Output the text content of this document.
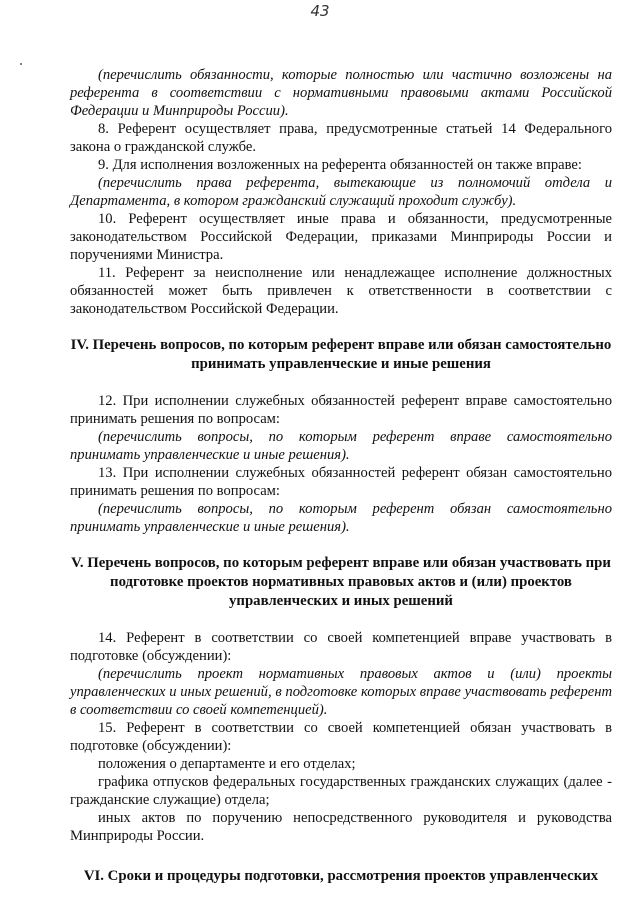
43

(перечислить обязанности, которые полностью или частично возложены на референта в соответствии с нормативными правовыми актами Российской Федерации и Минприроды России).

8. Референт осуществляет права, предусмотренные статьей 14 Федерального закона о гражданской службе.

9. Для исполнения возложенных на референта обязанностей он также вправе:

(перечислить права референта, вытекающие из полномочий отдела и Департамента, в котором гражданский служащий проходит службу).

10. Референт осуществляет иные права и обязанности, предусмотренные законодательством Российской Федерации, приказами Минприроды России и поручениями Министра.

11. Референт за неисполнение или ненадлежащее исполнение должностных обязанностей может быть привлечен к ответственности в соответствии с законодательством Российской Федерации.

IV. Перечень вопросов, по которым референт вправе или обязан самостоятельно принимать управленческие и иные решения

12. При исполнении служебных обязанностей референт вправе самостоятельно принимать решения по вопросам:

(перечислить вопросы, по которым референт вправе самостоятельно принимать управленческие и иные решения).

13. При исполнении служебных обязанностей референт обязан самостоятельно принимать решения по вопросам:

(перечислить вопросы, по которым референт обязан самостоятельно принимать управленческие и иные решения).

V. Перечень вопросов, по которым референт вправе или обязан участвовать при подготовке проектов нормативных правовых актов и (или) проектов управленческих и иных решений

14. Референт в соответствии со своей компетенцией вправе участвовать в подготовке (обсуждении):

(перечислить проект нормативных правовых актов и (или) проекты управленческих и иных решений, в подготовке которых вправе участвовать референт в соответствии со своей компетенцией).

15. Референт в соответствии со своей компетенцией обязан участвовать в подготовке (обсуждении):

положения о департаменте и его отделах;

графика отпусков федеральных государственных гражданских служащих (далее - гражданские служащие) отдела;

иных актов по поручению непосредственного руководителя и руководства Минприроды России.

VI. Сроки и процедуры подготовки, рассмотрения проектов управленческих
